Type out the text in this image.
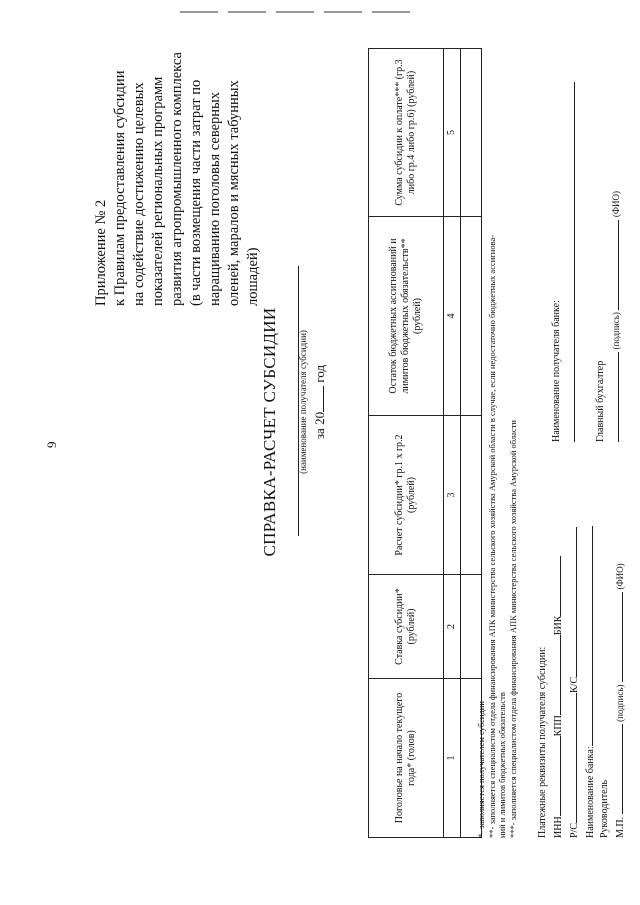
9
Приложение № 2 к Правилам предоставления субсидии на содействие достижению целевых показателей региональных программ развития агропромышленного комплекса (в части возмещения части затрат по наращиванию поголовья северных оленей, маралов и мясных табунных лошадей)
СПРАВКА-РАСЧЕТ СУБСИДИИ (наименование получателя субсидии) за 20 год
Поголовье на начало текущего года* (голов)	Ставка субсидии* (рублей)	Расчет субсидии* гр.1 х гр.2 (рублей)	Остаток бюджетных ассигнований и лимитов бюджетных обязательств** (рублей)	Сумма субсидии к оплате*** (гр.3 либо гр.4 либо гр.6) (рублей)
1	2	3	4	5

*- заполняется получателем субсидии **- заполняется специалистом отдела финансирования АПК министерства сельского хозяйства Амурской области в случае, если недостаточно бюджетных ассигнова- ний и лимитов бюджетных обязательств ***- заполняется специалистом отдела финансирования АПК министерства сельского хозяйства Амурской области Платежные реквизиты получателя субсидии: ИННКППБИК
Р/СК/С
Наименование банка: Руководитель М.П.  (подпись)  (ФИО)

Наименование получателя банке:
	Главный бухгалтер
(подпись)  (ФИО)
